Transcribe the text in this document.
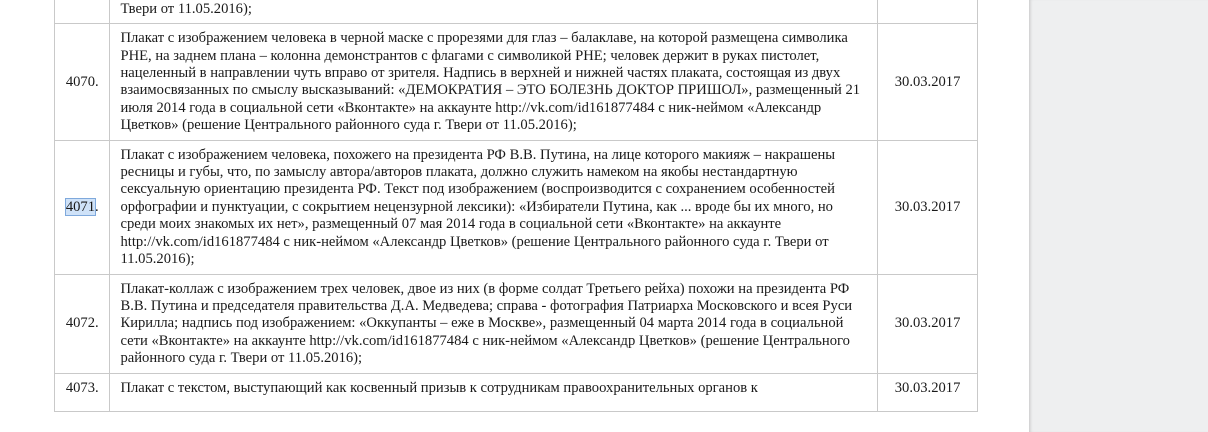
	Твери от 11.05.2016);	
4070.	Плакат с изображением человека в черной маске с прорезями для глаз – балаклаве, на которой размещена символика РНЕ, на заднем плана – колонна демонстрантов с флагами с символикой РНЕ; человек держит в руках пистолет, нацеленный в направлении чуть вправо от зрителя. Надпись в верхней и нижней частях плаката, состоящая из двух взаимосвязанных по смыслу высказываний: «ДЕМОКРАТИЯ – ЭТО БОЛЕЗНЬ ДОКТОР ПРИШОЛ», размещенный 21 июля 2014 года в социальной сети «Вконтакте» на аккаунте http://vk.com/id161877484 с ник-неймом «Александр Цветков» (решение Центрального районного суда г. Твери от 11.05.2016);	30.03.2017
4071.	Плакат с изображением человека, похожего на президента РФ В.В. Путина, на лице которого макияж – накрашены ресницы и губы, что, по замыслу автора/авторов плаката, должно служить намеком на якобы нестандартную сексуальную ориентацию президента РФ. Текст под изображением (воспроизводится с сохранением особенностей орфографии и пунктуации, с сокрытием нецензурной лексики): «Избиратели Путина, как ... вроде бы их много, но среди моих знакомых их нет», размещенный 07 мая 2014 года в социальной сети «Вконтакте» на аккаунте http://vk.com/id161877484 с ник-неймом «Александр Цветков» (решение Центрального районного суда г. Твери от 11.05.2016);	30.03.2017
4072.	Плакат-коллаж с изображением трех человек, двое из них (в форме солдат Третьего рейха) похожи на президента РФ В.В. Путина и председателя правительства Д.А. Медведева; справа - фотография Патриарха Московского и всея Руси Кирилла; надпись под изображением: «Оккупанты – еже в Москве», размещенный 04 марта 2014 года в социальной сети «Вконтакте» на аккаунте http://vk.com/id161877484 с ник-неймом «Александр Цветков» (решение Центрального районного суда г. Твери от 11.05.2016);	30.03.2017
4073.	Плакат с текстом, выступающий как косвенный призыв к сотрудникам правоохранительных органов к	30.03.2017
